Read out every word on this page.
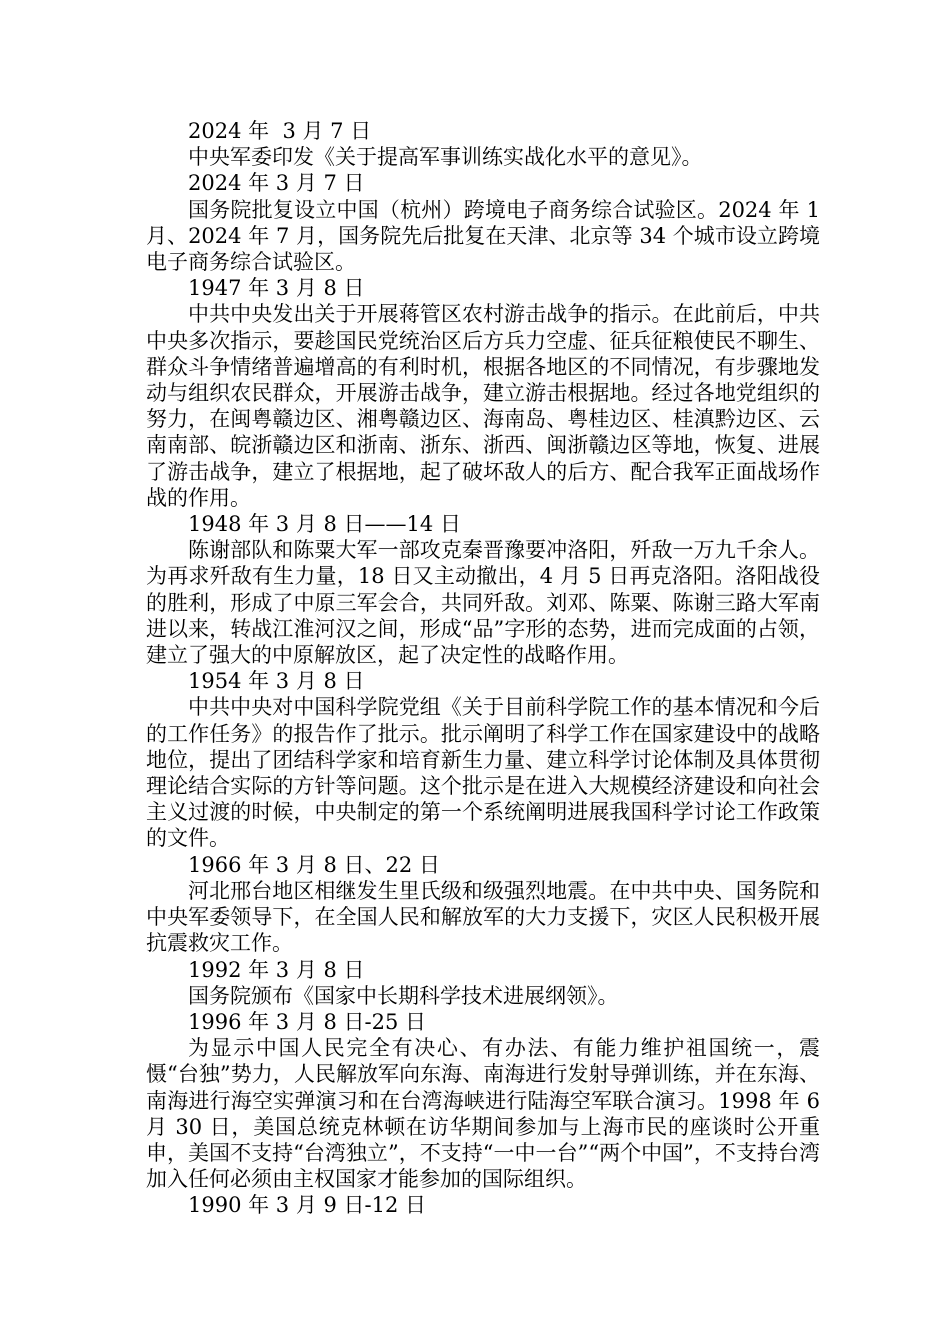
2024 年  3 月 7 日

中央军委印发《关于提高军事训练实战化水平的意见》。

2024 年 3 月 7 日

国务院批复设立中国（杭州）跨境电子商务综合试验区。2024 年 1 月、2024 年 7 月，国务院先后批复在天津、北京等 34 个城市设立跨境电子商务综合试验区。

1947 年 3 月 8 日

中共中央发出关于开展蒋管区农村游击战争的指示。在此前后，中共中央多次指示，要趁国民党统治区后方兵力空虚、征兵征粮使民不聊生、群众斗争情绪普遍增高的有利时机，根据各地区的不同情况，有步骤地发动与组织农民群众，开展游击战争，建立游击根据地。经过各地党组织的努力，在闽粤赣边区、湘粤赣边区、海南岛、粤桂边区、桂滇黔边区、云南南部、皖浙赣边区和浙南、浙东、浙西、闽浙赣边区等地，恢复、进展了游击战争，建立了根据地，起了破坏敌人的后方、配合我军正面战场作战的作用。

1948 年 3 月 8 日——14 日

陈谢部队和陈粟大军一部攻克秦晋豫要冲洛阳，歼敌一万九千余人。为再求歼敌有生力量，18 日又主动撤出，4 月 5 日再克洛阳。洛阳战役的胜利，形成了中原三军会合，共同歼敌。刘邓、陈粟、陈谢三路大军南进以来，转战江淮河汉之间，形成“品”字形的态势，进而完成面的占领，建立了强大的中原解放区，起了决定性的战略作用。

1954 年 3 月 8 日

中共中央对中国科学院党组《关于目前科学院工作的基本情况和今后的工作任务》的报告作了批示。批示阐明了科学工作在国家建设中的战略地位，提出了团结科学家和培育新生力量、建立科学讨论体制及具体贯彻理论结合实际的方针等问题。这个批示是在进入大规模经济建设和向社会主义过渡的时候，中央制定的第一个系统阐明进展我国科学讨论工作政策的文件。

1966 年 3 月 8 日、22 日

河北邢台地区相继发生里氏级和级强烈地震。在中共中央、国务院和中央军委领导下，在全国人民和解放军的大力支援下，灾区人民积极开展抗震救灾工作。

1992 年 3 月 8 日

国务院颁布《国家中长期科学技术进展纲领》。

1996 年 3 月 8 日-25 日

为显示中国人民完全有决心、有办法、有能力维护祖国统一，震慑“台独”势力，人民解放军向东海、南海进行发射导弹训练，并在东海、南海进行海空实弹演习和在台湾海峡进行陆海空军联合演习。1998 年 6 月 30 日，美国总统克林顿在访华期间参加与上海市民的座谈时公开重申，美国不支持“台湾独立”，不支持“一中一台”“两个中国”，不支持台湾加入任何必须由主权国家才能参加的国际组织。

1990 年 3 月 9 日-12 日
